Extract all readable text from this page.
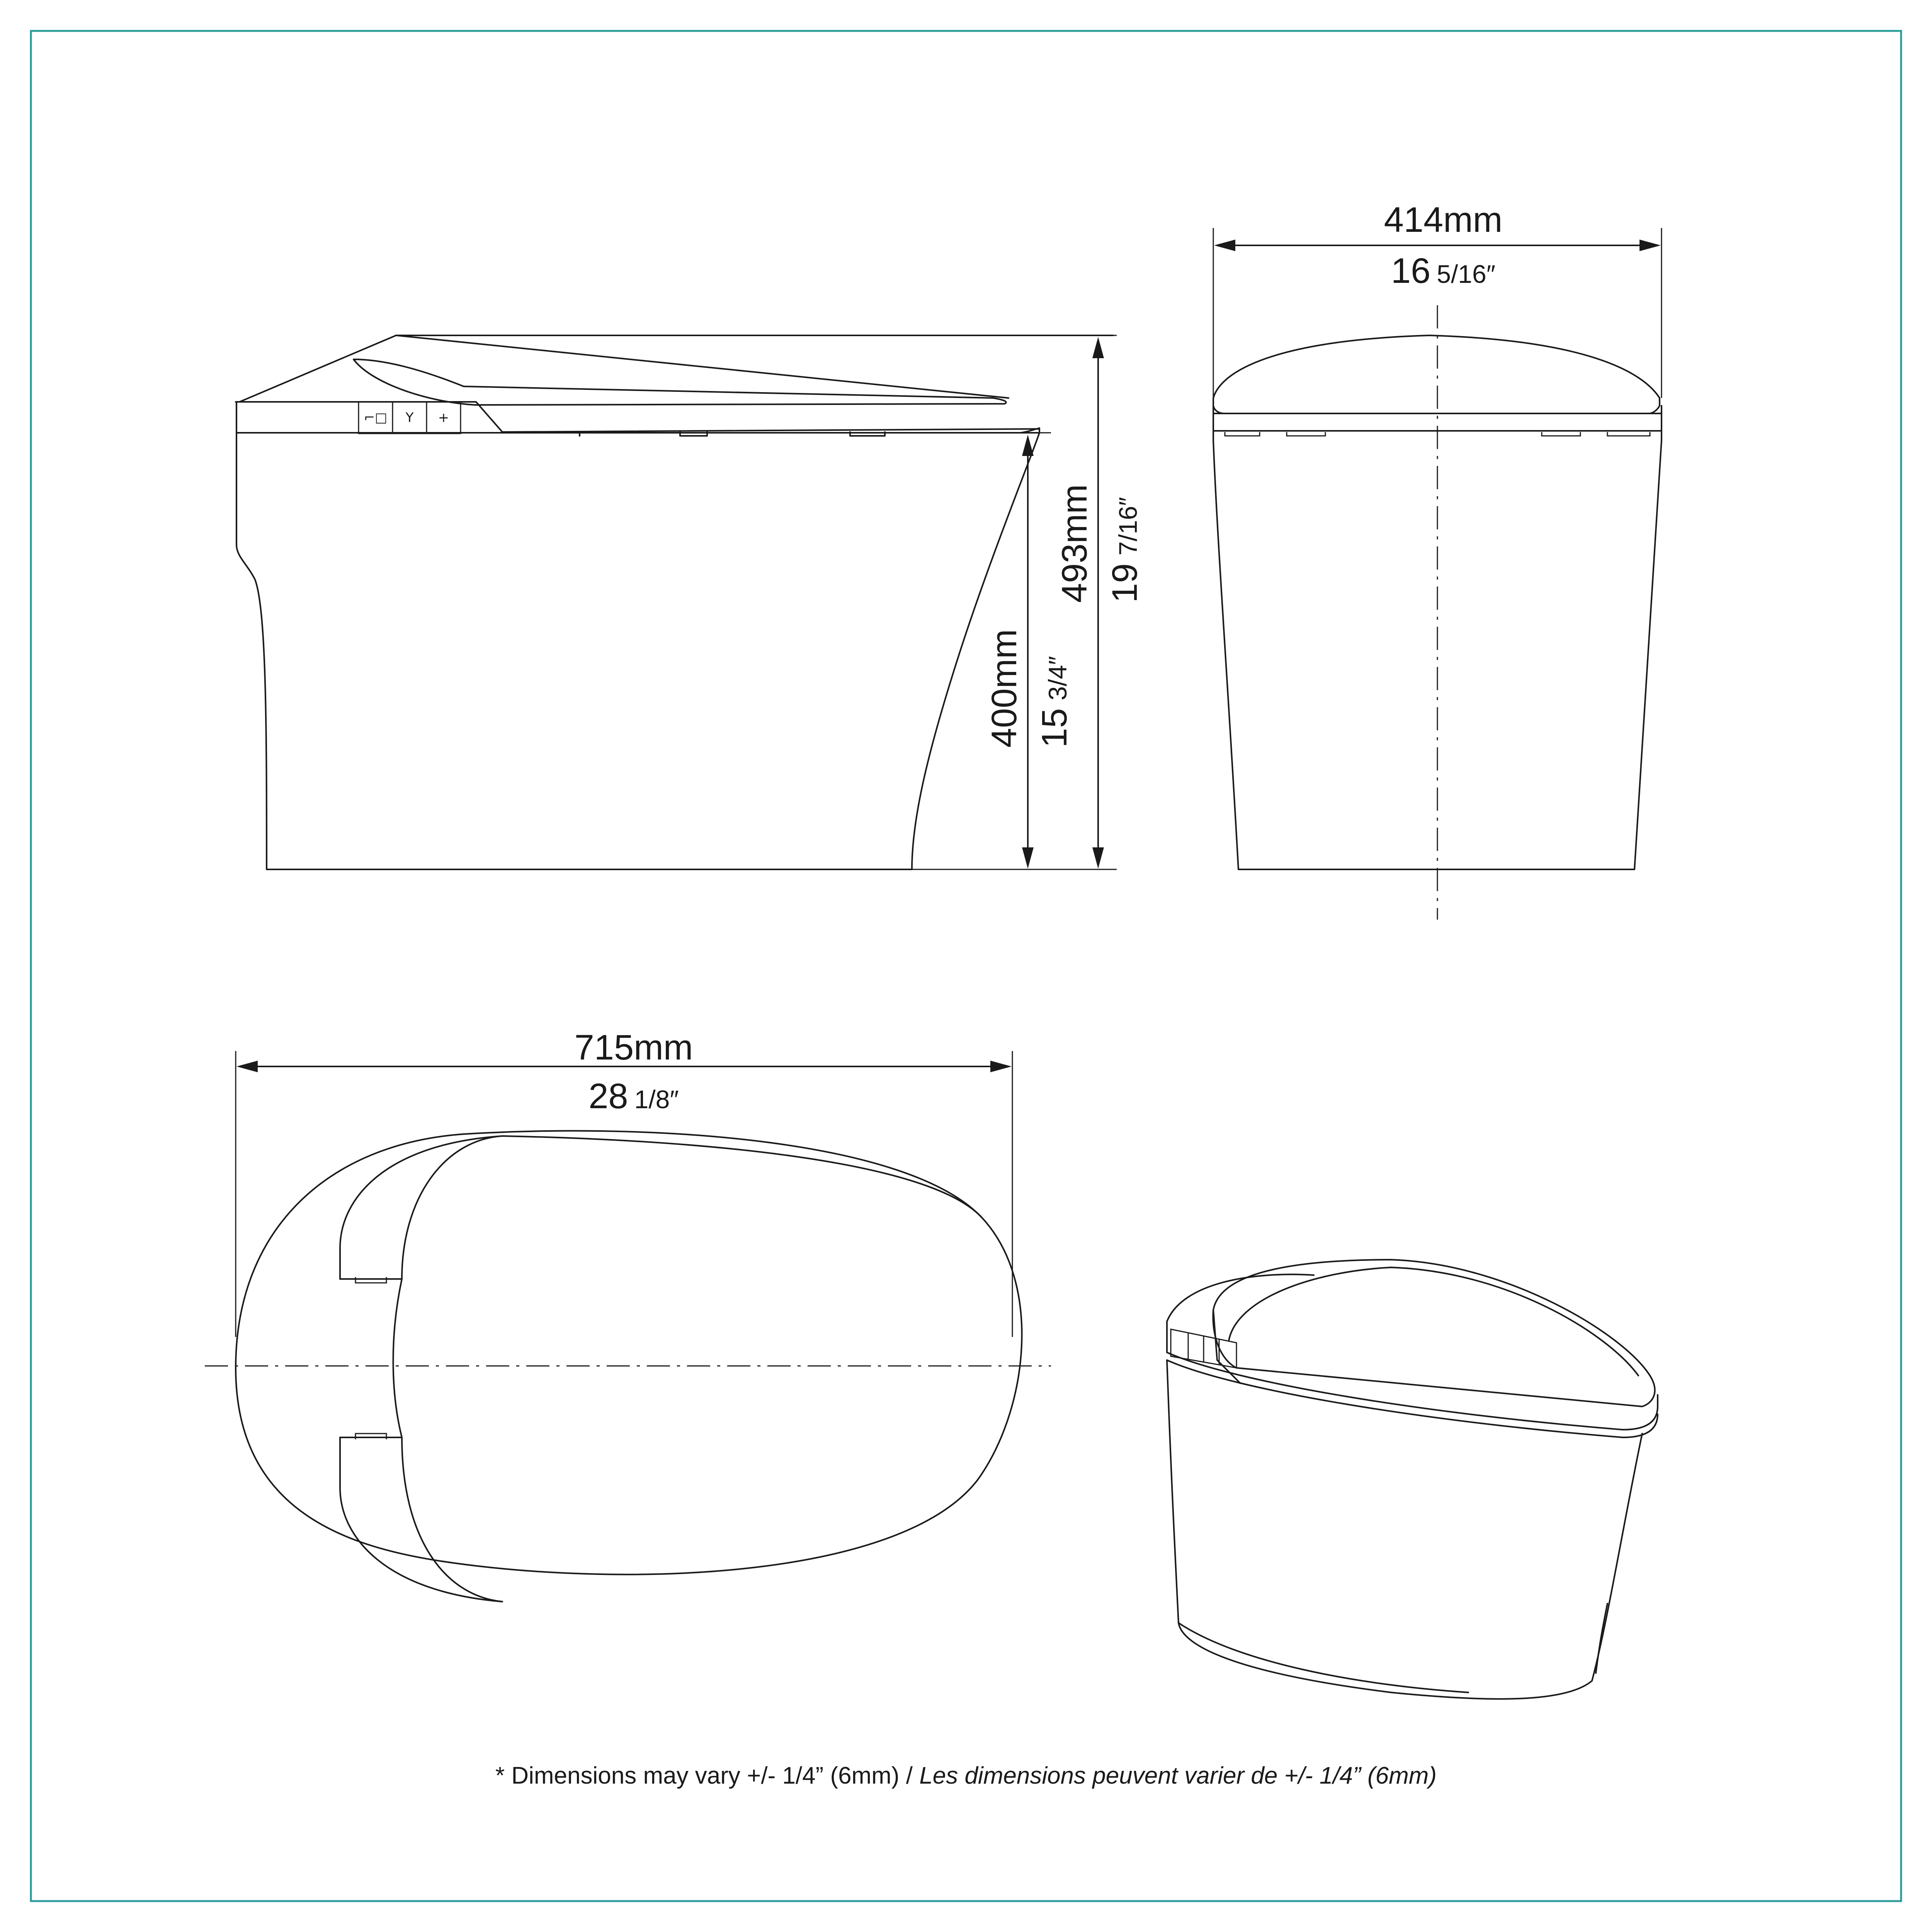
⌐□ Y +
400mm 153/4″
493mm 197/16″
414mm
16 5/16″
715mm
28 1/8″
* Dimensions may vary +/- 1/4” (6mm) / Les dimensions peuvent varier de +/- 1/4” (6mm)
